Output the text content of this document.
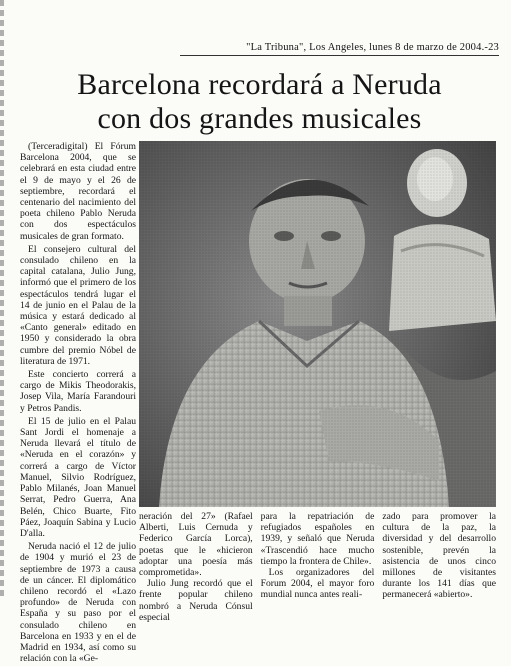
"La Tribuna", Los Angeles, lunes 8 de marzo de 2004.-23
Barcelona recordará a Neruda
con dos grandes musicales

(Terceradigital) El Fórum Barcelona 2004, que se celebrará en esta ciudad entre el 9 de mayo y el 26 de septiembre, recordará el centenario del nacimiento del poeta chileno Pablo Neruda con dos espectáculos musicales de gran formato.

El consejero cultural del consulado chileno en la capital catalana, Julio Jung, informó que el primero de los espectáculos tendrá lugar el 14 de junio en el Palau de la música y estará dedicado al «Canto general» editado en 1950 y considerado la obra cumbre del premio Nóbel de literatura de 1971.

Este concierto correrá a cargo de Mikis Theodorakis, Josep Vila, María Farandouri y Petros Pandis.

El 15 de julio en el Palau Sant Jordi el homenaje a Neruda llevará el título de «Neruda en el corazón» y correrá a cargo de Víctor Manuel, Silvio Rodríguez, Pablo Milanés, Joan Manuel Serrat, Pedro Guerra, Ana Belén, Chico Buarte, Fito Páez, Joaquín Sabina y Lucio D'alla.

Neruda nació el 12 de julio de 1904 y murió el 23 de septiembre de 1973 a causa de un cáncer. El diplomático chileno recordó el «Lazo profundo» de Neruda con España y su paso por el consulado chileno en Barcelona en 1933 y en el de Madrid en 1934, así como su relación con la «Ge-

neración del 27» (Rafael Alberti, Luis Cernuda y Federico García Lorca), poetas que le «hicieron adoptar una poesía más comprometida».

Julio Jung recordó que el frente popular chileno nombró a Neruda Cónsul especial

para la repatriación de refugiados españoles en 1939, y señaló que Neruda «Trascendió hace mucho tiempo la frontera de Chile».

Los organizadores del Forum 2004, el mayor foro mundial nunca antes reali-

zado para promover la cultura de la paz, la diversidad y del desarrollo sostenible, prevén la asistencia de unos cinco millones de visitantes durante los 141 días que permanecerá «abierto».
